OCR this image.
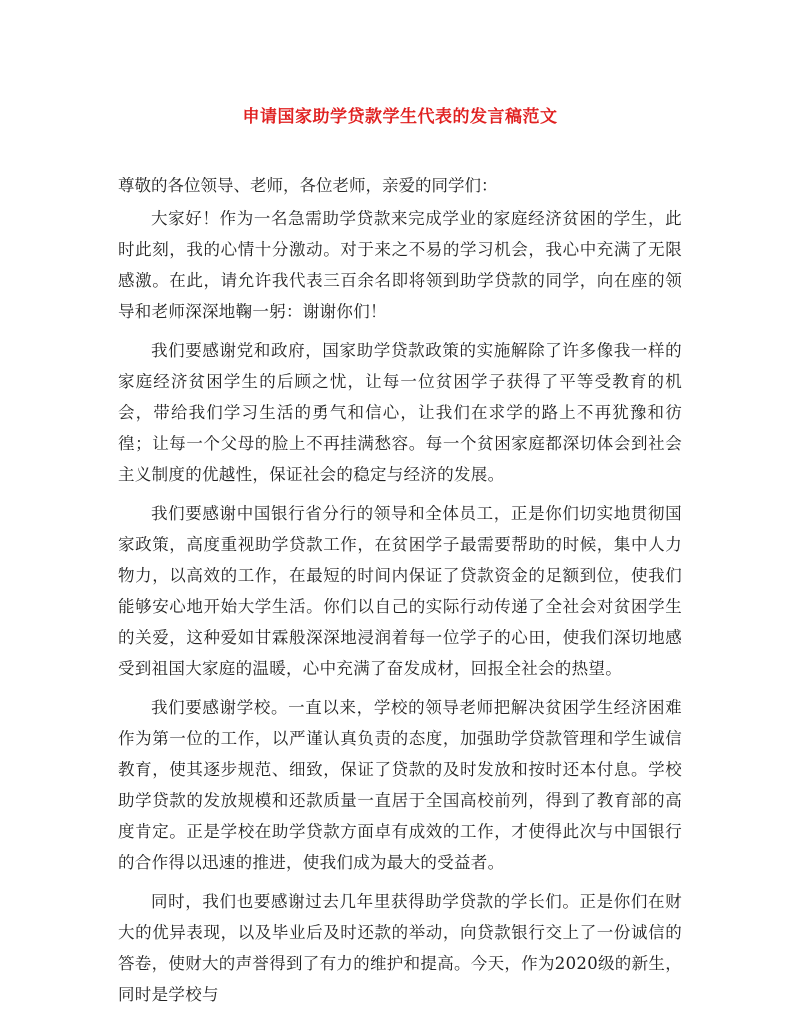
申请国家助学贷款学生代表的发言稿范文

尊敬的各位领导、老师，各位老师，亲爱的同学们：

大家好！作为一名急需助学贷款来完成学业的家庭经济贫困的学生，此时此刻，我的心情十分激动。对于来之不易的学习机会，我心中充满了无限感激。在此，请允许我代表三百余名即将领到助学贷款的同学，向在座的领导和老师深深地鞠一躬：谢谢你们！

我们要感谢党和政府，国家助学贷款政策的实施解除了许多像我一样的家庭经济贫困学生的后顾之忧，让每一位贫困学子获得了平等受教育的机会，带给我们学习生活的勇气和信心，让我们在求学的路上不再犹豫和彷徨；让每一个父母的脸上不再挂满愁容。每一个贫困家庭都深切体会到社会主义制度的优越性，保证社会的稳定与经济的发展。

我们要感谢中国银行省分行的领导和全体员工，正是你们切实地贯彻国家政策，高度重视助学贷款工作，在贫困学子最需要帮助的时候，集中人力物力，以高效的工作，在最短的时间内保证了贷款资金的足额到位，使我们能够安心地开始大学生活。你们以自己的实际行动传递了全社会对贫困学生的关爱，这种爱如甘霖般深深地浸润着每一位学子的心田，使我们深切地感受到祖国大家庭的温暖，心中充满了奋发成材，回报全社会的热望。

我们要感谢学校。一直以来，学校的领导老师把解决贫困学生经济困难作为第一位的工作，以严谨认真负责的态度，加强助学贷款管理和学生诚信教育，使其逐步规范、细致，保证了贷款的及时发放和按时还本付息。学校助学贷款的发放规模和还款质量一直居于全国高校前列，得到了教育部的高度肯定。正是学校在助学贷款方面卓有成效的工作，才使得此次与中国银行的合作得以迅速的推进，使我们成为最大的受益者。

同时，我们也要感谢过去几年里获得助学贷款的学长们。正是你们在财大的优异表现，以及毕业后及时还款的举动，向贷款银行交上了一份诚信的答卷，使财大的声誉得到了有力的维护和提高。今天，作为2020级的新生，同时是学校与
